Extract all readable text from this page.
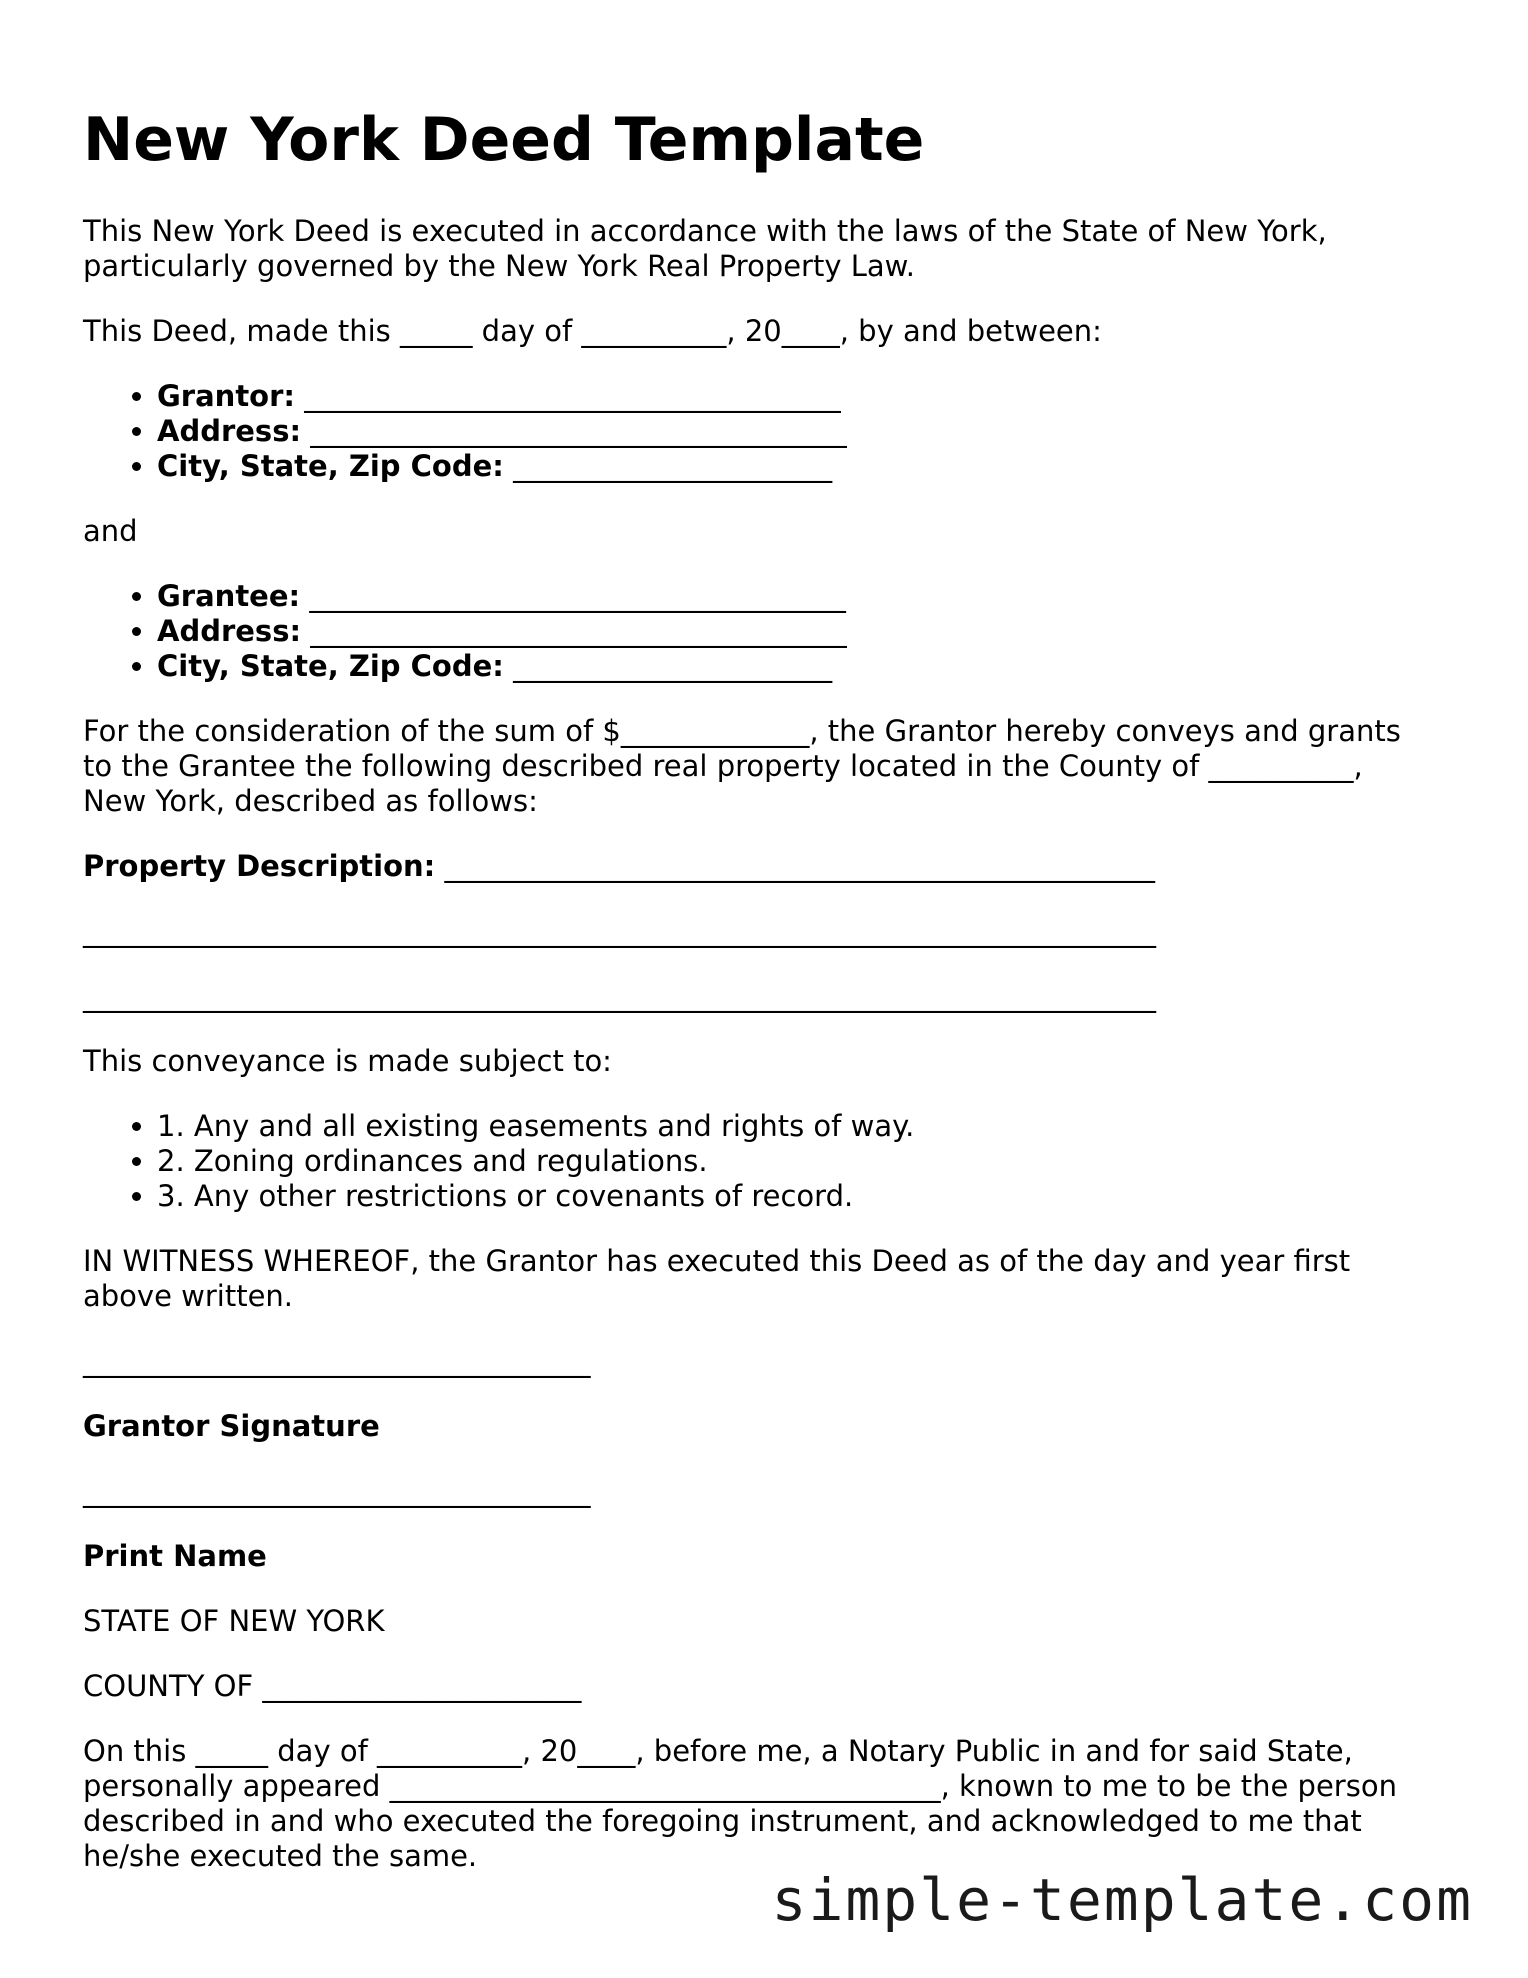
New York Deed Template

This New York Deed is executed in accordance with the laws of the State of New York,

particularly governed by the New York Real Property Law.

This Deed, made this _____ day of __________, 20____, by and between:

• Grantor: _____________________________________
• Address: _____________________________________
• City, State, Zip Code: ______________________

and

• Grantee: _____________________________________
• Address: _____________________________________
• City, State, Zip Code: ______________________

For the consideration of the sum of $_____________, the Grantor hereby conveys and grants

to the Grantee the following described real property located in the County of __________,

New York, described as follows:

Property Description: _________________________________________________

__________________________________________________________________________

__________________________________________________________________________

This conveyance is made subject to:

• 1. Any and all existing easements and rights of way.
• 2. Zoning ordinances and regulations.
• 3. Any other restrictions or covenants of record.

IN WITNESS WHEREOF, the Grantor has executed this Deed as of the day and year first

above written.

___________________________________

Grantor Signature

___________________________________

Print Name

STATE OF NEW YORK

COUNTY OF ______________________

On this _____ day of __________, 20____, before me, a Notary Public in and for said State,

personally appeared ______________________________________, known to me to be the person

described in and who executed the foregoing instrument, and acknowledged to me that

he/she executed the same.

simple-template.com
